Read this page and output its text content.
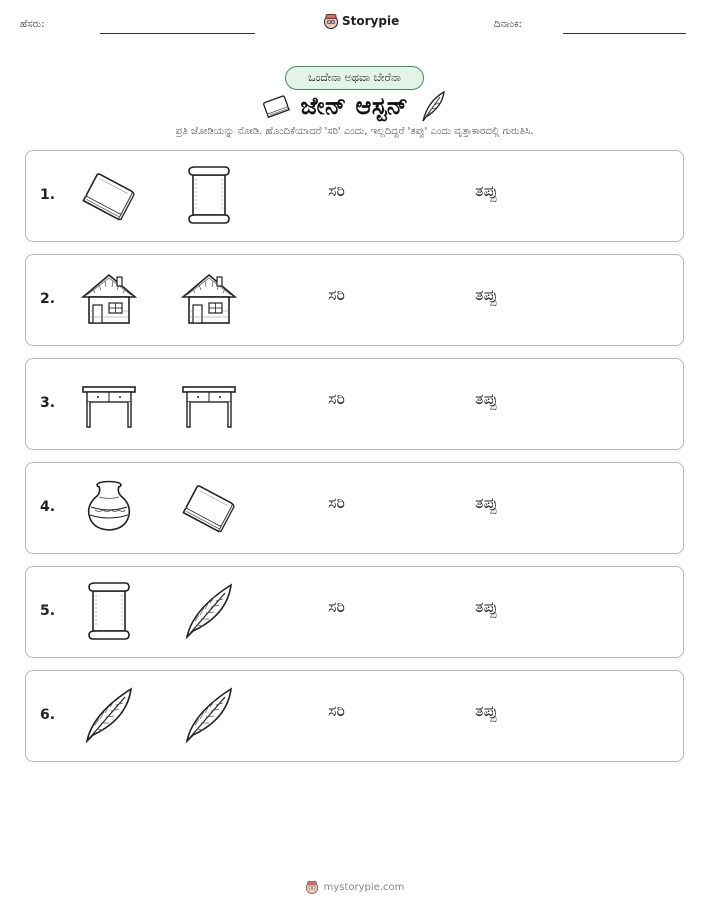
ಹೆಸರು:	Storypie	ದಿನಾಂಕ:
ಒಂದೇನಾ ಅಥವಾ ಬೇರೆನಾ
ಜೇನ್ ಆಸ್ಟನ್
ಪ್ರತಿ ಜೋಡಿಯನ್ನು ನೋಡಿ. ಹೊಂದಿಕೆಯಾದರೆ 'ಸರಿ' ಎಂದು, ಇಲ್ಲದಿದ್ದರೆ 'ತಪ್ಪು' ಎಂದು ವೃತ್ತಾಕಾರದಲ್ಲಿ ಗುರುತಿಸಿ.
1.	ಸರಿ	ತಪ್ಪು
2.	ಸರಿ	ತಪ್ಪು
3.	ಸರಿ	ತಪ್ಪು
4.	ಸರಿ	ತಪ್ಪು
5.	ಸರಿ	ತಪ್ಪು
6.	ಸರಿ	ತಪ್ಪು
mystorypie.com
